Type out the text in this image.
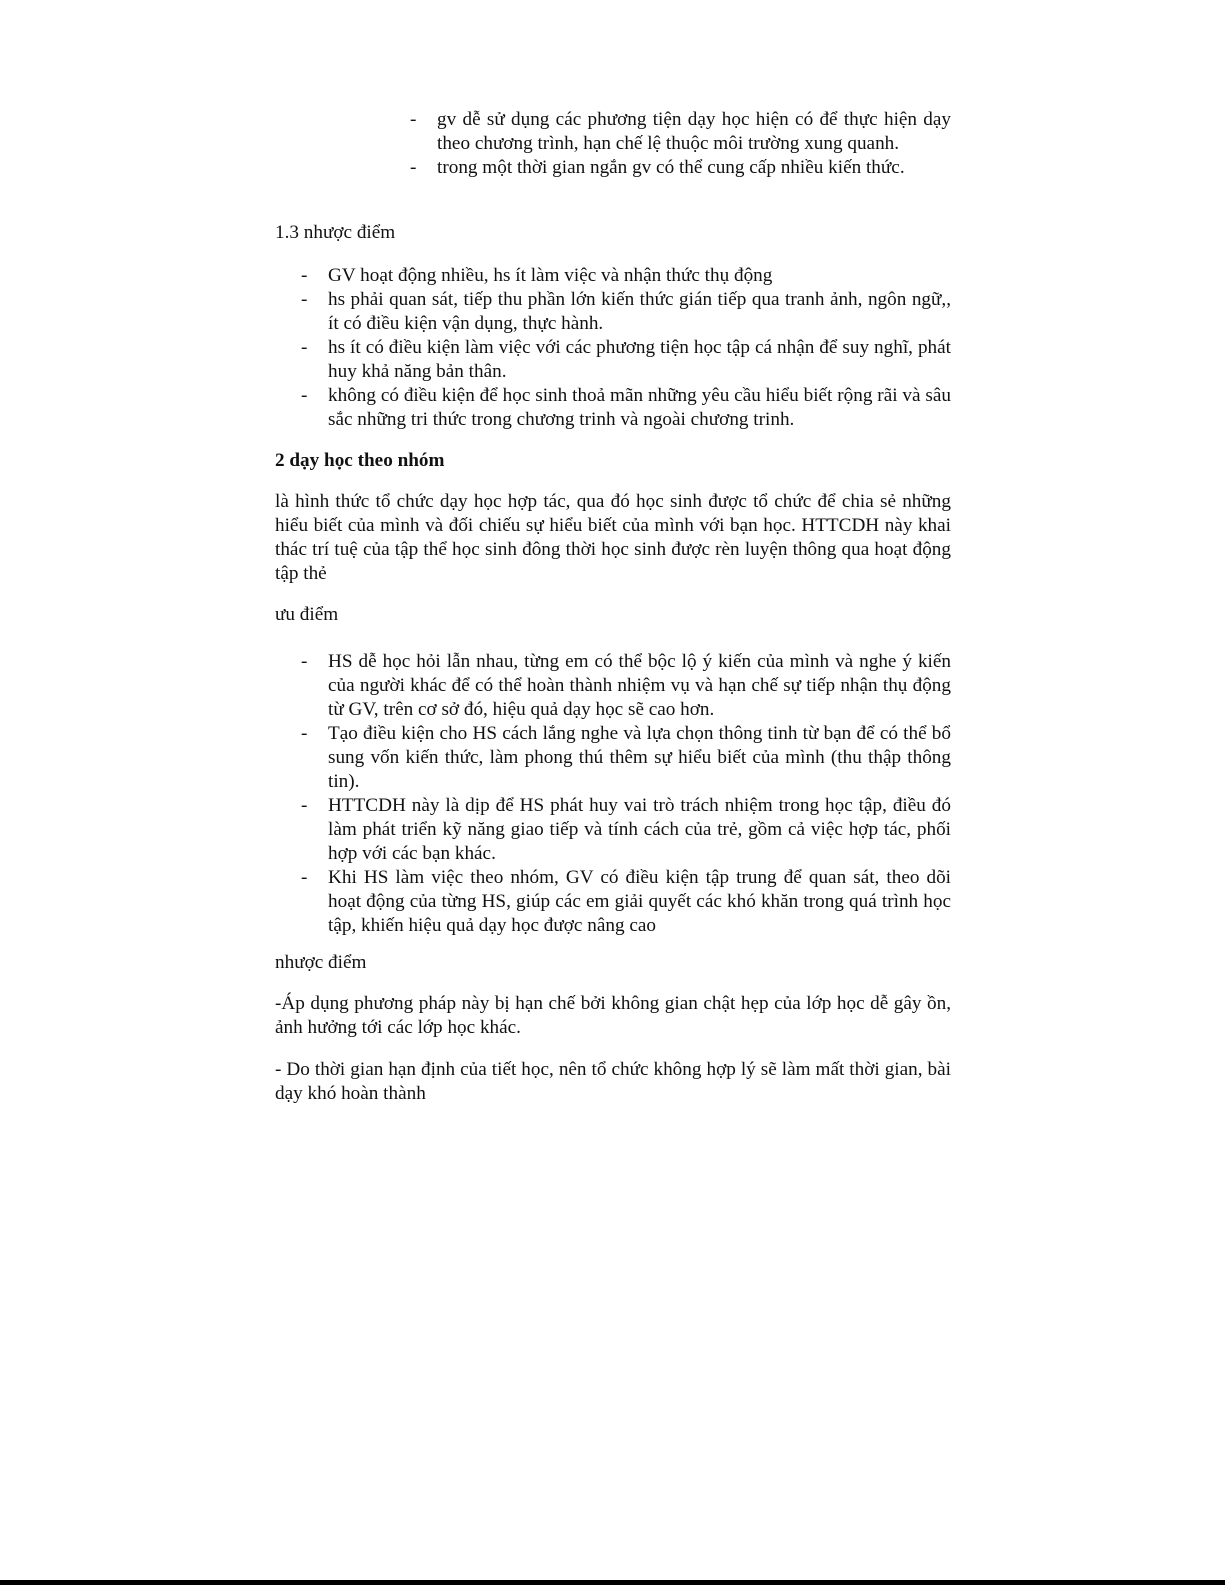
- gv dễ sử dụng các phương tiện dạy học hiện có để thực hiện dạy theo chương trình, hạn chế lệ thuộc môi trường xung quanh.
- trong một thời gian ngắn gv có thể cung cấp nhiều kiến thức.

1.3 nhược điểm

- GV hoạt động nhiều, hs ít làm việc và nhận thức thụ động
- hs phải quan sát, tiếp thu phần lớn kiến thức gián tiếp qua tranh ảnh, ngôn ngữ,, ít có điều kiện vận dụng, thực hành.
- hs ít có điều kiện làm việc với các phương tiện học tập cá nhận để suy nghĩ, phát huy khả năng bản thân.
- không có điều kiện để học sinh thoả mãn những yêu cầu hiểu biết rộng rãi và sâu sắc những tri thức trong chương trinh và ngoài chương trinh.

2 dạy học theo nhóm

là hình thức tổ chức dạy học hợp tác, qua đó học sinh được tổ chức để chia sẻ những hiểu biết của mình và đối chiếu sự hiểu biết của mình với bạn học. HTTCDH này khai thác trí tuệ của tập thể học sinh đông thời học sinh được rèn luyện thông qua hoạt động tập thẻ

ưu điểm

- HS dễ học hỏi lẫn nhau, từng em có thể bộc lộ ý kiến của mình và nghe ý kiến của người khác để có thể hoàn thành nhiệm vụ và hạn chế sự tiếp nhận thụ động từ GV, trên cơ sở đó, hiệu quả dạy học sẽ cao hơn.
- Tạo điều kiện cho HS cách lắng nghe và lựa chọn thông tinh từ bạn để có thể bổ sung vốn kiến thức, làm phong thú thêm sự hiểu biết của mình (thu thập thông tin).
- HTTCDH này là dịp để HS phát huy vai trò trách nhiệm trong học tập, điều đó làm phát triển kỹ năng giao tiếp và tính cách của trẻ, gồm cả việc hợp tác, phối hợp với các bạn khác.
- Khi HS làm việc theo nhóm, GV có điều kiện tập trung để quan sát, theo dõi hoạt động của từng HS, giúp các em giải quyết các khó khăn trong quá trình học tập, khiến hiệu quả dạy học được nâng cao

nhược điểm

-Áp dụng phương pháp này bị hạn chế bởi không gian chật hẹp của lớp học dễ gây ồn, ảnh hưởng tới các lớp học khác.

- Do thời gian hạn định của tiết học, nên tổ chức không hợp lý sẽ làm mất thời gian, bài dạy khó hoàn thành
